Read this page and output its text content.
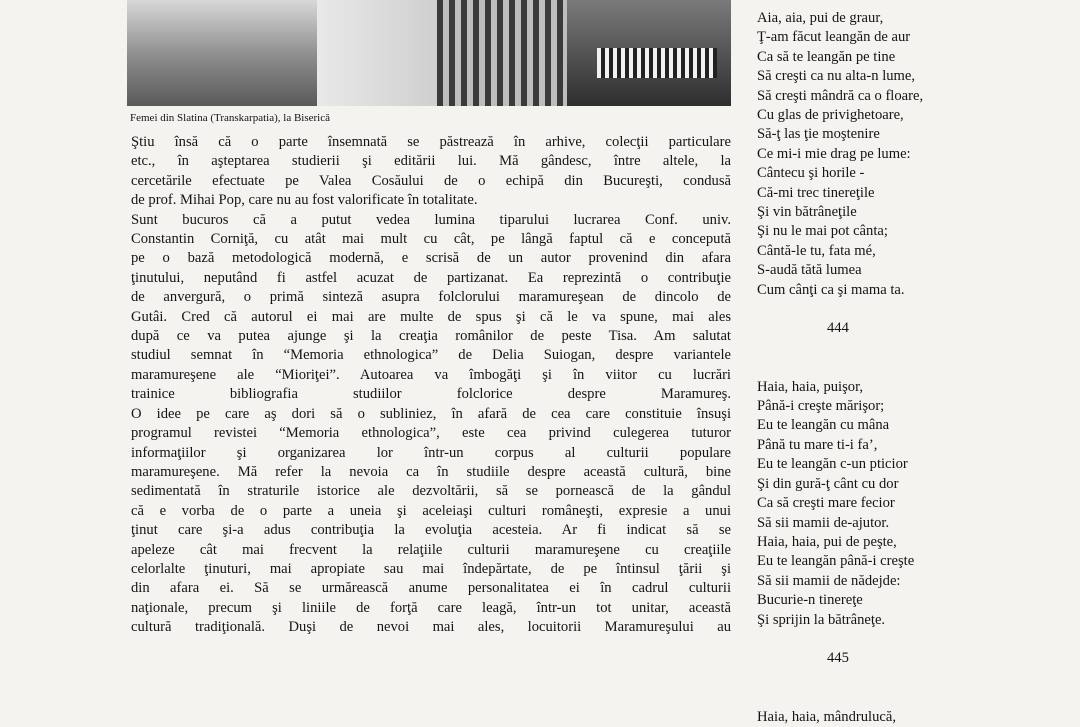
Femei din Slatina (Transkarpatia), la Biserică

Ştiu însă că o parte însemnată se păstrează în arhive, colecţii particulare
etc., în aşteptarea studierii şi editării lui. Mă gândesc, între altele, la
cercetările efectuate pe Valea Cosăului de o echipă din Bucureşti, condusă
de prof. Mihai Pop, care nu au fost valorificate în totalitate.

Sunt bucuros că a putut vedea lumina tiparului lucrarea Conf. univ.
Constantin Corniţă, cu atât mai mult cu cât, pe lângă faptul că e concepută
pe o bază metodologică modernă, e scrisă de un autor provenind din afara
ţinutului, neputând fi astfel acuzat de partizanat. Ea reprezintă o contribuţie
de anvergură, o primă sinteză asupra folclorului maramureşean de dincolo de
Gutâi. Cred că autorul ei mai are multe de spus şi că le va spune, mai ales
după ce va putea ajunge şi la creaţia românilor de peste Tisa. Am salutat
studiul semnat în “Memoria ethnologica” de Delia Suiogan, despre variantele
maramureşene ale “Mioriţei”. Autoarea va îmbogăţi şi în viitor cu lucrări
trainice bibliografia studiilor folclorice despre Maramureş.

O idee pe care aş dori să o subliniez, în afară de cea care constituie însuşi
programul revistei “Memoria ethnologica”, este cea privind culegerea tuturor
informaţiilor şi organizarea lor într-un corpus al culturii populare
maramureşene. Mă refer la nevoia ca în studiile despre această cultură, bine
sedimentată în straturile istorice ale dezvoltării, să se pornească de la gândul
că e vorba de o parte a uneia şi aceleiaşi culturi româneşti, expresie a unui
ţinut care şi-a adus contribuţia la evoluţia acesteia. Ar fi indicat să se
apeleze cât mai frecvent la relaţiile culturii maramureşene cu creaţiile
celorlalte ţinuturi, mai apropiate sau mai îndepărtate, de pe întinsul ţării şi
din afara ei. Să se urmărească anume personalitatea ei în cadrul culturii
naţionale, precum şi liniile de forţă care leagă, într-un tot unitar, această
cultură tradiţională. Duşi de nevoi mai ales, locuitorii Maramureşului au

Aia, aia, pui de graur,
Ţ-am făcut leangăn de aur
Ca să te leangăn pe tine
Să creşti ca nu alta-n lume,
Să creşti mândră ca o floare,
Cu glas de privighetoare,
Să-ţ las ţie moştenire
Ce mi-i mie drag pe lume:
Cântecu şi horile -
Că-mi trec tinereţile
Şi vin bătrâneţile
Şi nu le mai pot cânta;
Cântă-le tu, fata mé,
S-audă tătă lumea
Cum cânţi ca şi mama ta.
444
Haia, haia, puişor,
Până-i creşte mărişor;
Eu te leangăn cu mâna
Până tu mare ti-i fa’,
Eu te leangăn c-un pticior
Şi din gură-ţ cânt cu dor
Ca să creşti mare fecior
Să sii mamii de-ajutor.
Haia, haia, pui de peşte,
Eu te leangăn până-i creşte
Să sii mamii de nădejde:
Bucurie-n tinereţe
Şi sprijin la bătrâneţe.
445
Haia, haia, mândrulucă,
